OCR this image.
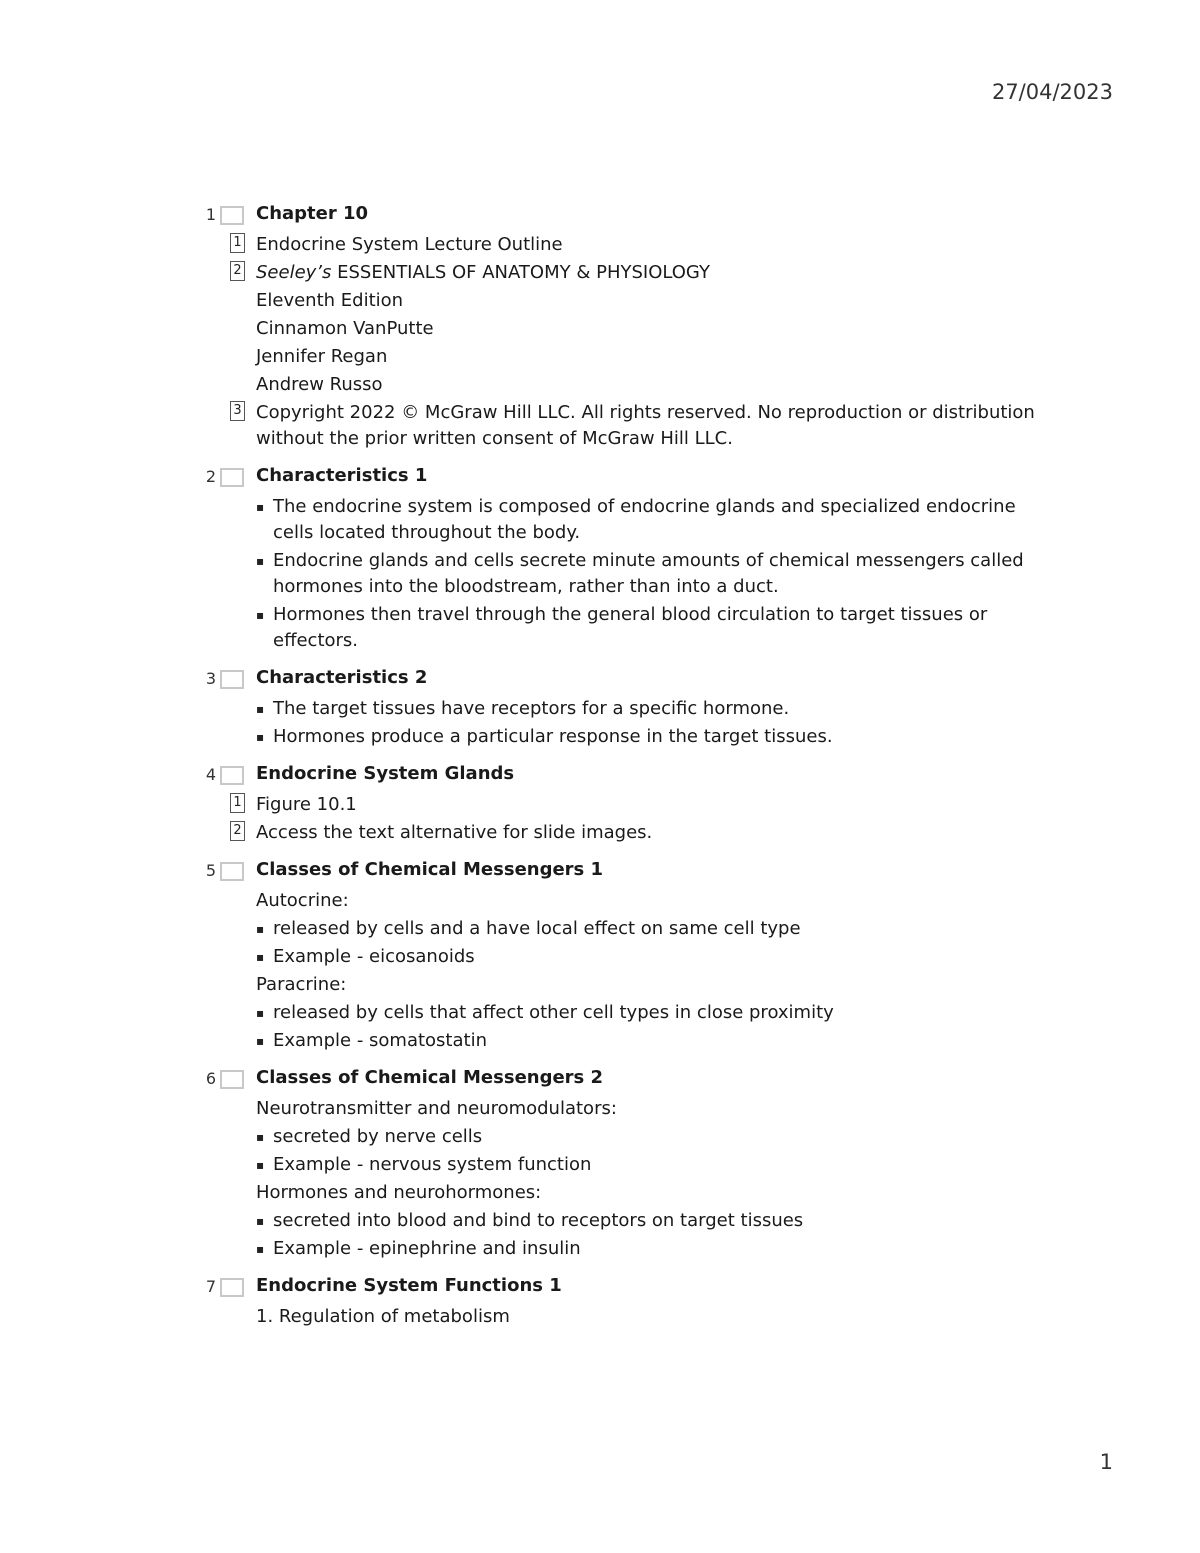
27/04/2023
1 Chapter 10
1 Endocrine System Lecture Outline
2 Seeley’s ESSENTIALS OF ANATOMY & PHYSIOLOGY
Eleventh Edition
Cinnamon VanPutte
Jennifer Regan
Andrew Russo
3 Copyright 2022 © McGraw Hill LLC. All rights reserved. No reproduction or distribution without the prior written consent of McGraw Hill LLC.
2 Characteristics 1
▪ The endocrine system is composed of endocrine glands and specialized endocrine cells located throughout the body.
▪ Endocrine glands and cells secrete minute amounts of chemical messengers called hormones into the bloodstream, rather than into a duct.
▪ Hormones then travel through the general blood circulation to target tissues or effectors.
3 Characteristics 2
▪ The target tissues have receptors for a specific hormone.
▪ Hormones produce a particular response in the target tissues.
4 Endocrine System Glands
1 Figure 10.1
2 Access the text alternative for slide images.
5 Classes of Chemical Messengers 1
Autocrine:
▪ released by cells and a have local effect on same cell type
▪ Example - eicosanoids
Paracrine:
▪ released by cells that affect other cell types in close proximity
▪ Example - somatostatin
6 Classes of Chemical Messengers 2
Neurotransmitter and neuromodulators:
▪ secreted by nerve cells
▪ Example - nervous system function
Hormones and neurohormones:
▪ secreted into blood and bind to receptors on target tissues
▪ Example - epinephrine and insulin
7 Endocrine System Functions 1
1. Regulation of metabolism
1
